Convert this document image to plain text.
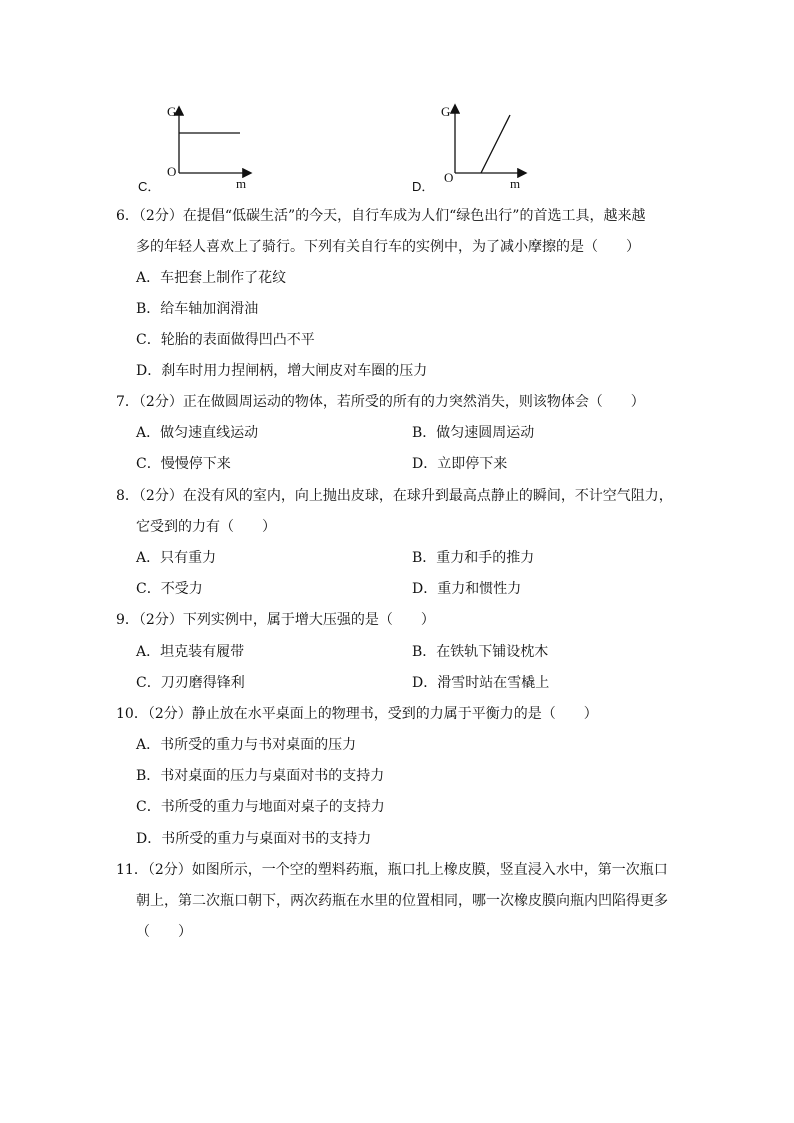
C．
G
O
m	D．
G
O	m
6．（2分）在提倡“低碳生活”的今天，自行车成为人们“绿色出行”的首选工具，越来越
多的年轻人喜欢上了骑行。下列有关自行车的实例中，为了减小摩擦的是（　　）
A．车把套上制作了花纹
B．给车轴加润滑油
C．轮胎的表面做得凹凸不平
D．刹车时用力捏闸柄，增大闸皮对车圈的压力
7．（2分）正在做圆周运动的物体，若所受的所有的力突然消失，则该物体会（　　）
A．做匀速直线运动	B．做匀速圆周运动
C．慢慢停下来	D．立即停下来
8．（2分）在没有风的室内，向上抛出皮球，在球升到最高点静止的瞬间，不计空气阻力，
它受到的力有（　　）
A．只有重力	B．重力和手的推力
C．不受力	D．重力和惯性力
9．（2分）下列实例中，属于增大压强的是（　　）
A．坦克装有履带	B．在铁轨下铺设枕木
C．刀刃磨得锋利	D．滑雪时站在雪橇上
10．（2分）静止放在水平桌面上的物理书，受到的力属于平衡力的是（　　）
A．书所受的重力与书对桌面的压力
B．书对桌面的压力与桌面对书的支持力
C．书所受的重力与地面对桌子的支持力
D．书所受的重力与桌面对书的支持力
11．（2分）如图所示，一个空的塑料药瓶，瓶口扎上橡皮膜，竖直浸入水中，第一次瓶口
朝上，第二次瓶口朝下，两次药瓶在水里的位置相同，哪一次橡皮膜向瓶内凹陷得更多
（　　）
